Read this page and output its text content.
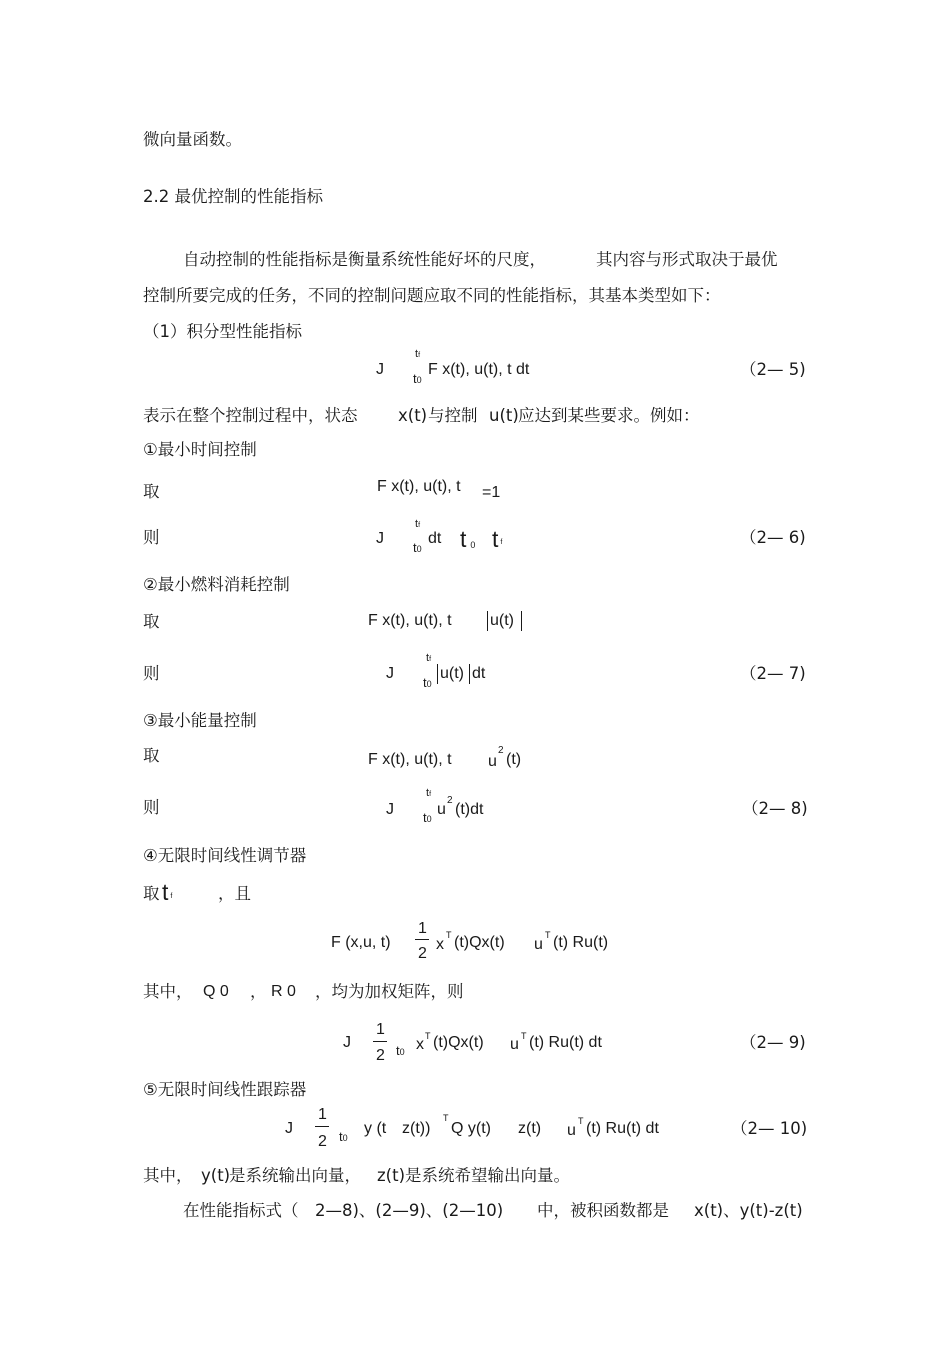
微向量函数。
2.2 最优控制的性能指标
自动控制的性能指标是衡量系统性能好坏的尺度，	其内容与形式取决于最优
控制所要完成的任务，不同的控制问题应取不同的性能指标，其基本类型如下：
（1）积分型性能指标
J
tf
t0
F x(t), u(t), t dt	（2— 5)
表示在整个控制过程中，状态 x(t) 与控制 u(t) 应达到某些要求。例如：
①最小时间控制
取	F x(t), u(t), t =1
则	J
tf
t0
dt t 0 tf	（2— 6)
②最小燃料消耗控制
取	F x(t), u(t), t u(t)
则	J
tf
t0
u(t) dt	（2— 7)
③最小能量控制
取	F x(t), u(t), t u
2
(t)
则	J
tf
t0
u
2
(t)dt	（2— 8)
④无限时间线性调节器
取 tf	，且
F (x,u, t)
1
2
x
T (t)Qx(t) u
T (t) Ru(t)
其中， Q 0 ， R 0 ，均为加权矩阵，则
J
1
2 t0 x T (t)Qx(t) u T (t) Ru(t) dt	（2— 9)
⑤无限时间线性跟踪器
J
1
2 t0
y (t z(t))
T
Q y(t) z(t) u
T (t) Ru(t) dt	（2— 10)
其中， y(t)
是系统输出向量， z(t) 是系统希望输出向量。
在性能指标式（ 2—8)、(2—9)、(2—10) 中，被积函数都是 x(t)、y(t)-z(t)
